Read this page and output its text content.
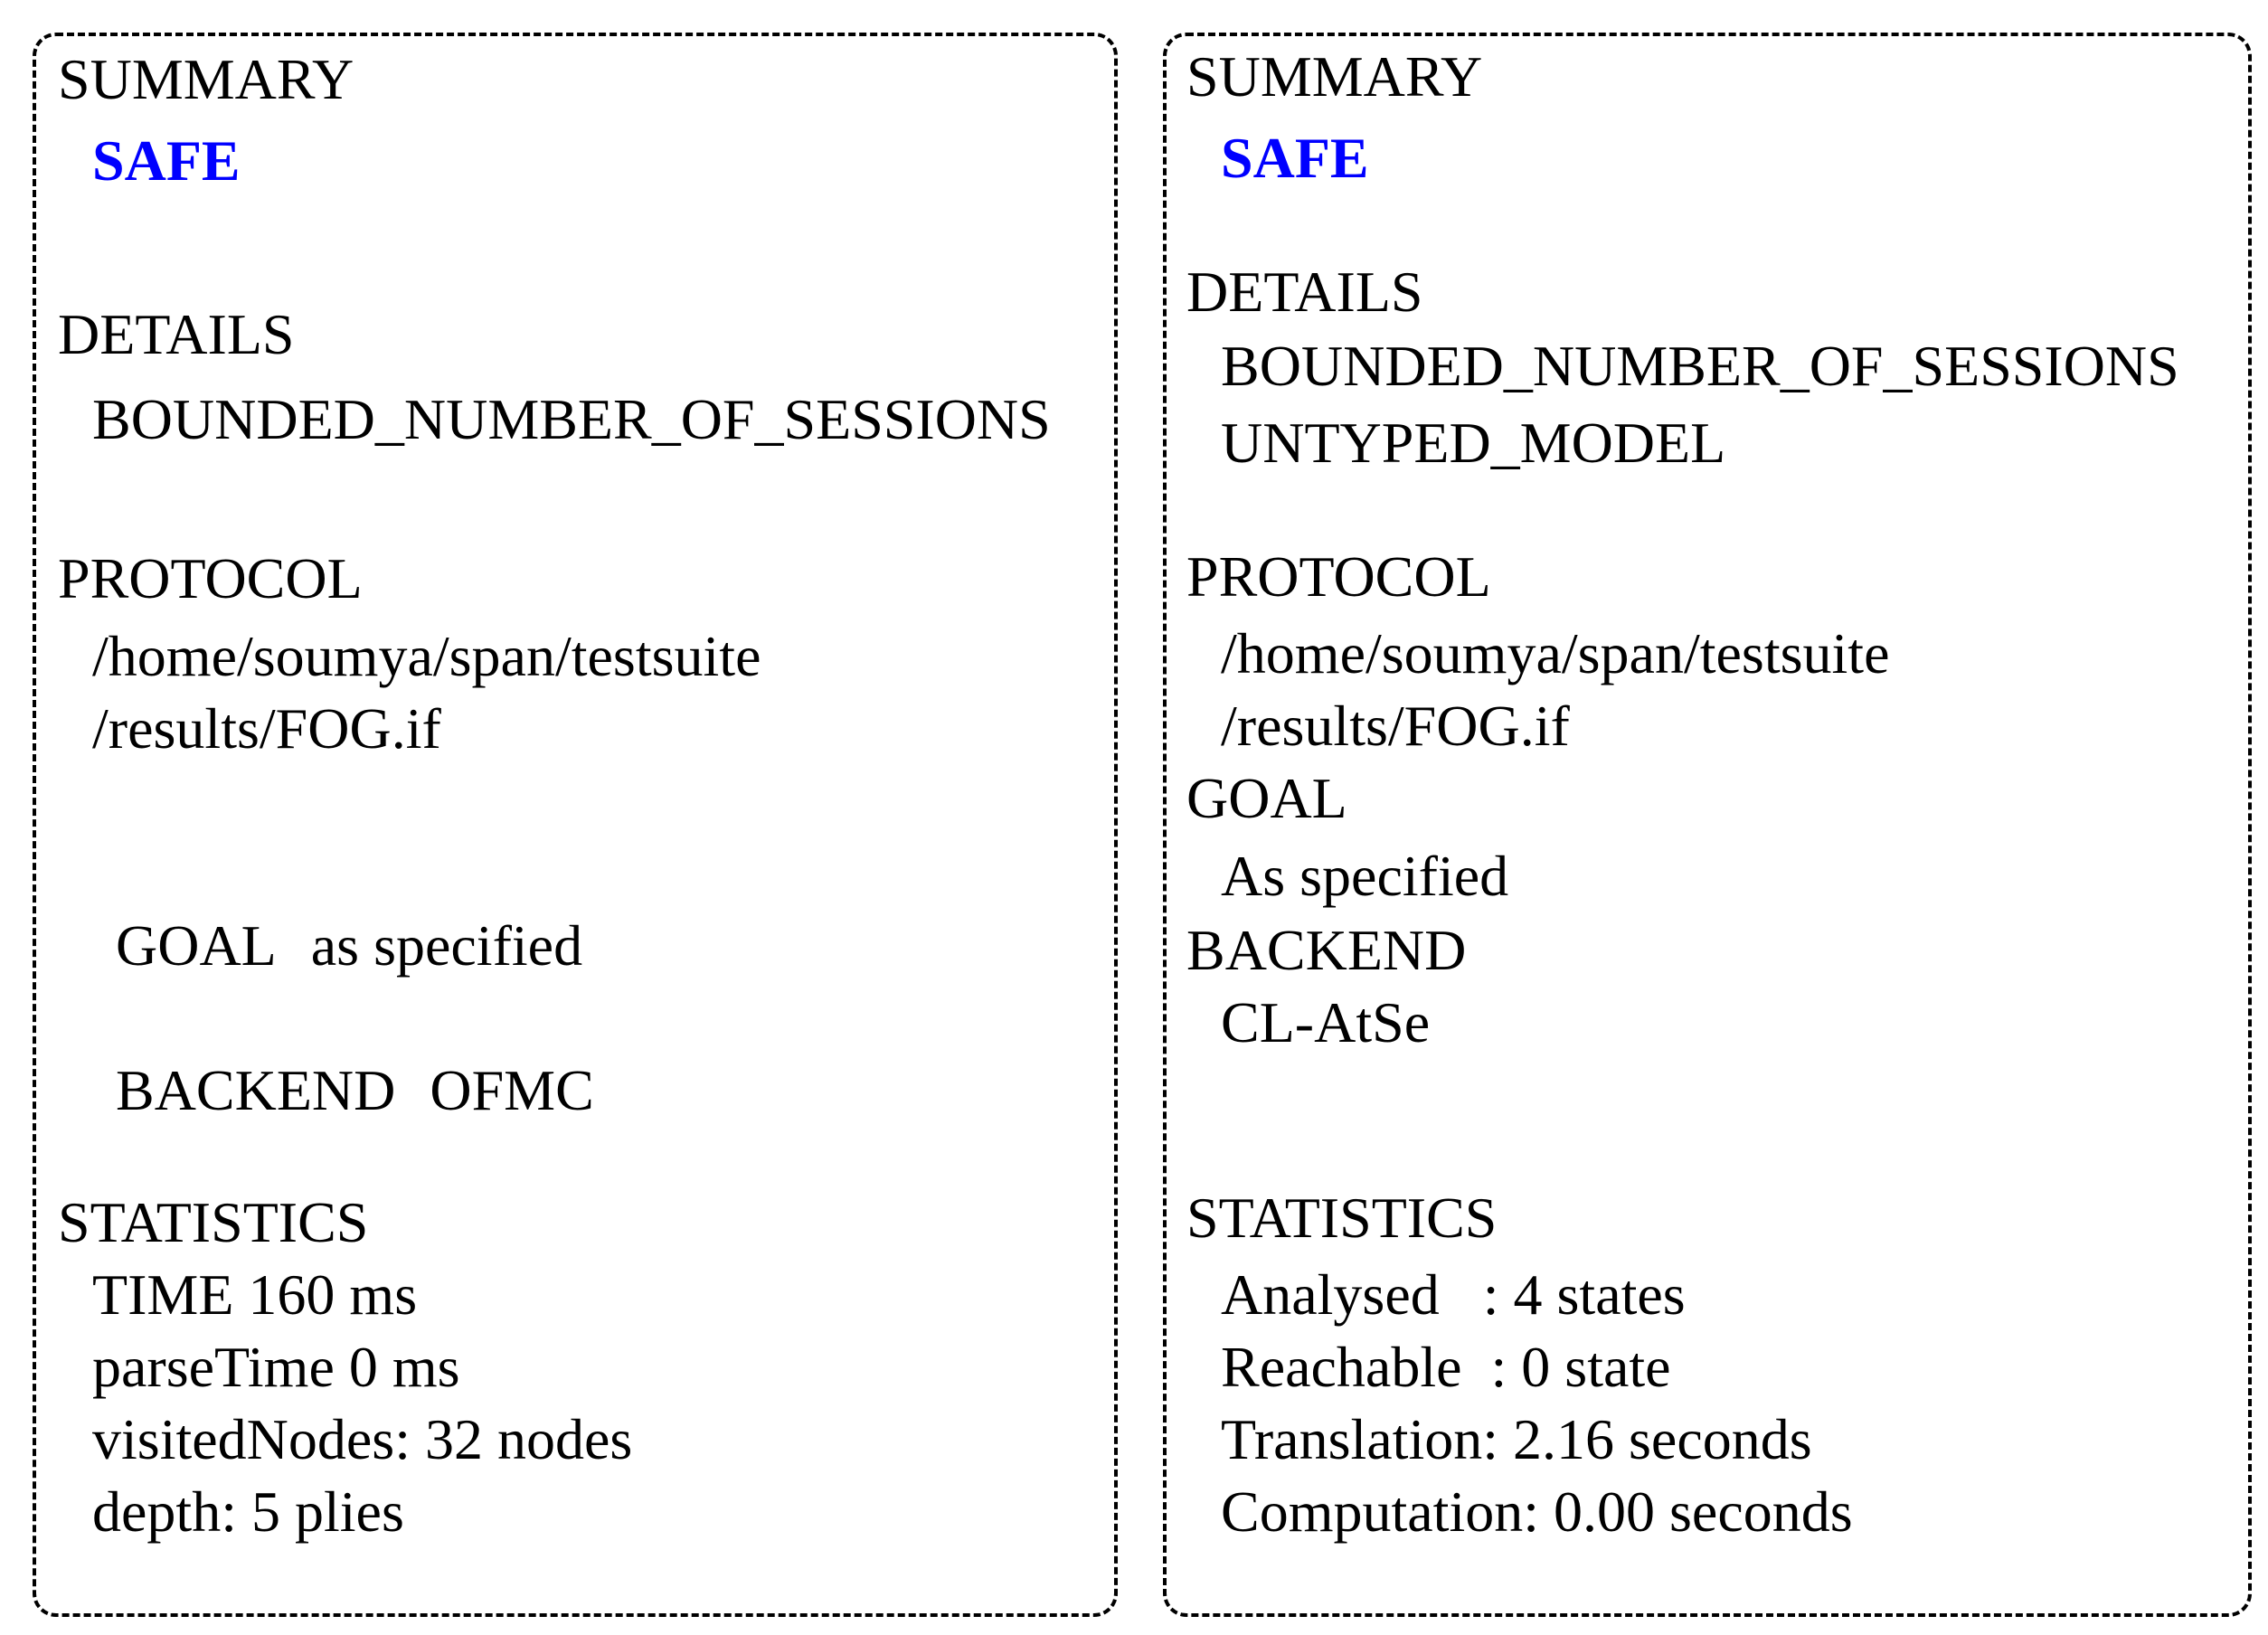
SUMMARY
SAFE
DETAILS
BOUNDED_NUMBER_OF_SESSIONS
PROTOCOL
/home/soumya/span/testsuite
/results/FOG.if

GOAL as specified

BACKEND OFMC

STATISTICS
TIME 160 ms
parseTime 0 ms
visitedNodes: 32 nodes
depth: 5 plies
SUMMARY
SAFE
DETAILS
BOUNDED_NUMBER_OF_SESSIONS
UNTYPED_MODEL
PROTOCOL
/home/soumya/span/testsuite
/results/FOG.if
GOAL
As specified
BACKEND
CL-AtSe
STATISTICS
Analysed   : 4 states
Reachable  : 0 state
Translation: 2.16 seconds
Computation: 0.00 seconds
